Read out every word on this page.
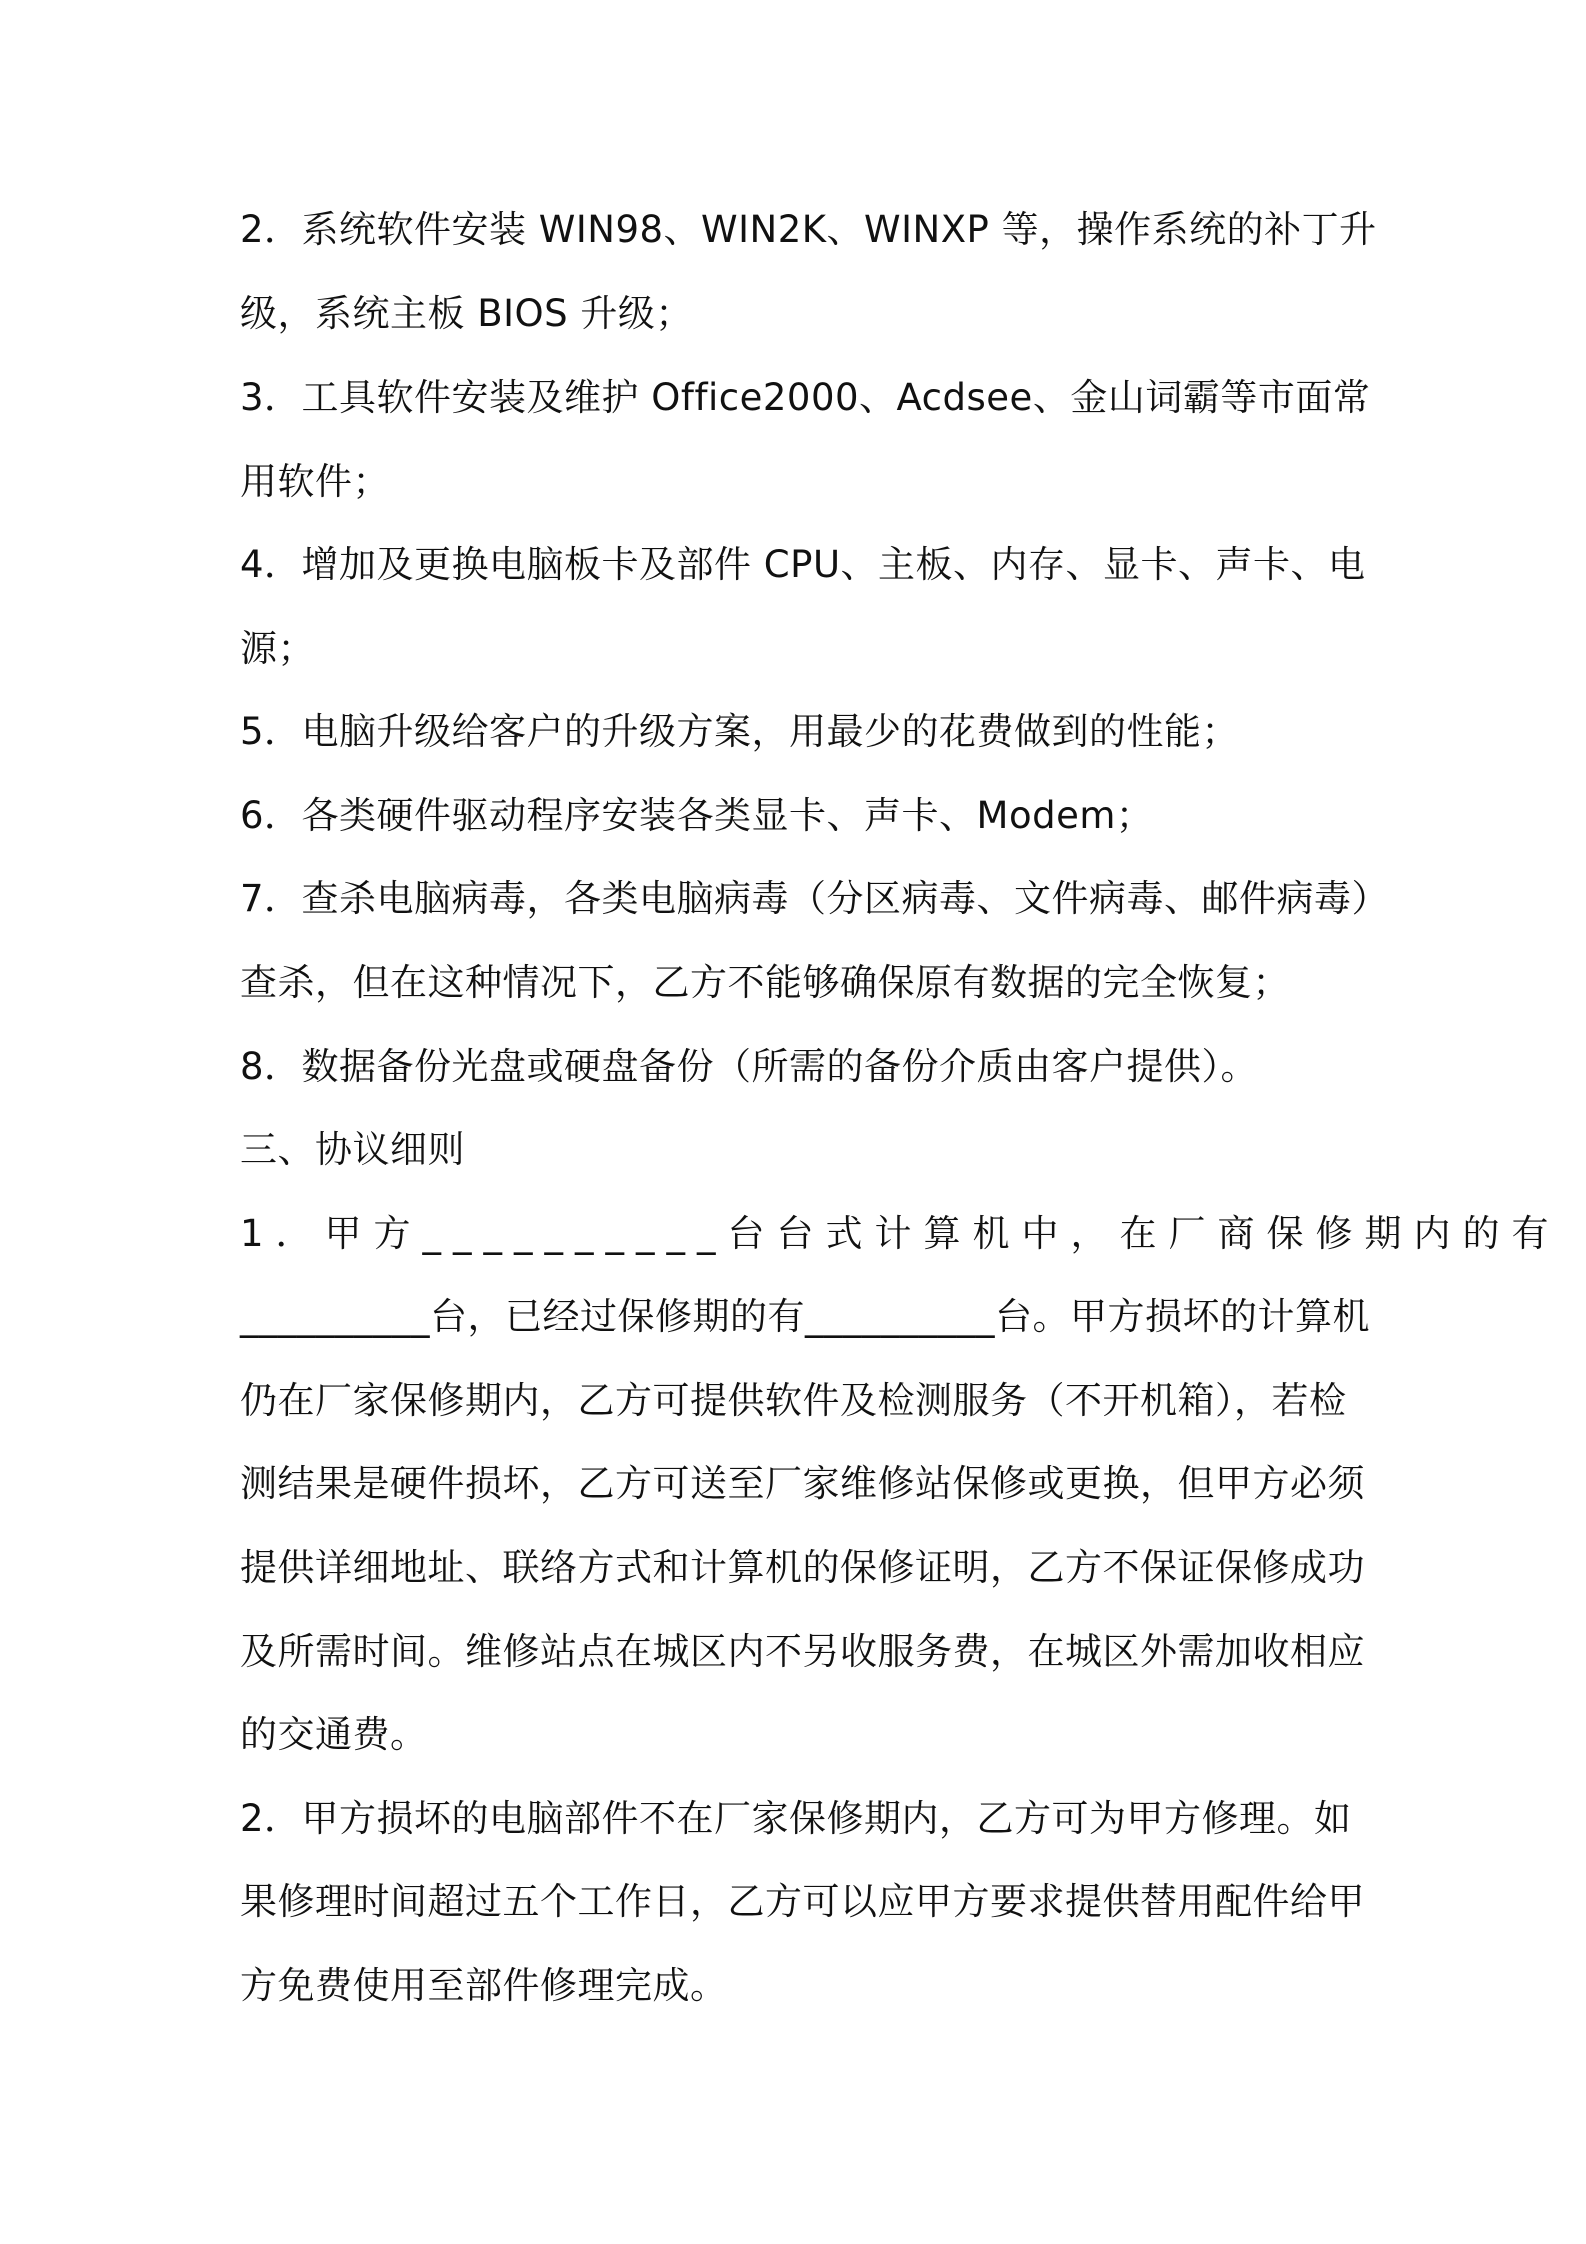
2．系统软件安装 WIN98、WIN2K、WINXP 等，操作系统的补丁升

级，系统主板 BIOS 升级；

3．工具软件安装及维护 Office2000、Acdsee、金山词霸等市面常

用软件；

4．增加及更换电脑板卡及部件 CPU、主板、内存、显卡、声卡、电

源；

5．电脑升级给客户的升级方案，用最少的花费做到的性能；

6．各类硬件驱动程序安装各类显卡、声卡、Modem；

7．查杀电脑病毒，各类电脑病毒（分区病毒、文件病毒、邮件病毒）

查杀，但在这种情况下，乙方不能够确保原有数据的完全恢复；

8．数据备份光盘或硬盘备份（所需的备份介质由客户提供）。

三、协议细则

1．甲方__________台台式计算机中，在厂商保修期内的有

__________台，已经过保修期的有__________台。甲方损坏的计算机

仍在厂家保修期内，乙方可提供软件及检测服务（不开机箱），若检

测结果是硬件损坏，乙方可送至厂家维修站保修或更换，但甲方必须

提供详细地址、联络方式和计算机的保修证明，乙方不保证保修成功

及所需时间。维修站点在城区内不另收服务费，在城区外需加收相应

的交通费。

2．甲方损坏的电脑部件不在厂家保修期内，乙方可为甲方修理。如

果修理时间超过五个工作日，乙方可以应甲方要求提供替用配件给甲

方免费使用至部件修理完成。
